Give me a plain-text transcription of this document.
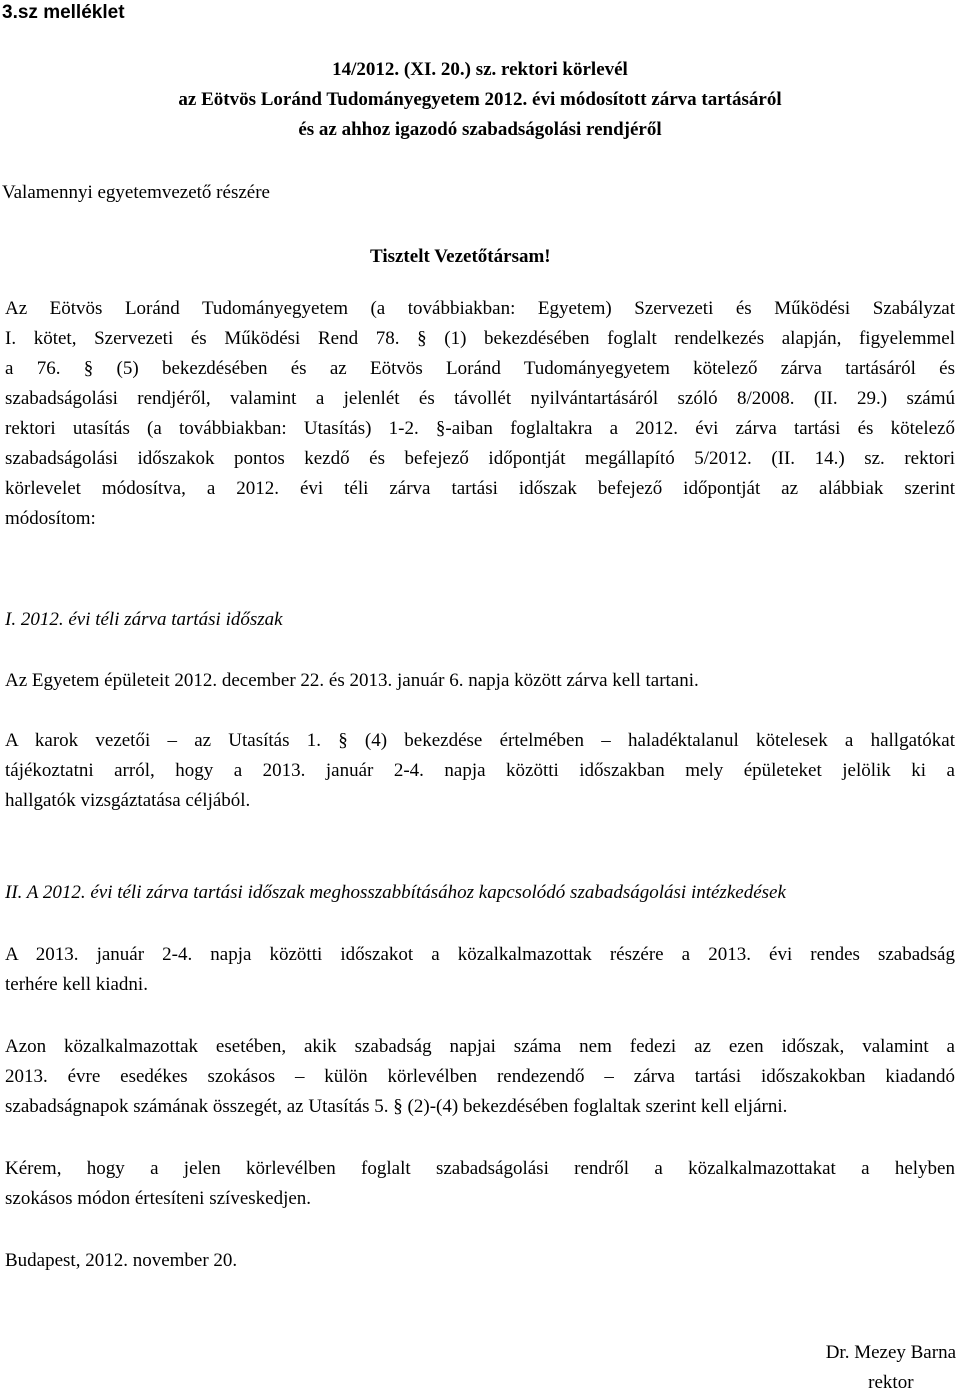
3.sz melléklet
14/2012. (XI. 20.) sz. rektori körlevél
az Eötvös Loránd Tudományegyetem 2012. évi módosított zárva tartásáról
és az ahhoz igazodó szabadságolási rendjéről
Valamennyi egyetemvezető részére
Tisztelt Vezetőtársam!
Az Eötvös Loránd Tudományegyetem (a továbbiakban: Egyetem) Szervezeti és Működési Szabályzat
I. kötet, Szervezeti és Működési Rend 78. § (1) bekezdésében foglalt rendelkezés alapján, figyelemmel
a 76. § (5) bekezdésében és az Eötvös Loránd Tudományegyetem kötelező zárva tartásáról és
szabadságolási rendjéről, valamint a jelenlét és távollét nyilvántartásáról szóló 8/2008. (II. 29.) számú
rektori utasítás (a továbbiakban: Utasítás) 1-2. §-aiban foglaltakra a 2012. évi zárva tartási és kötelező
szabadságolási időszakok pontos kezdő és befejező időpontját megállapító 5/2012. (II. 14.) sz. rektori
körlevelet módosítva, a 2012. évi téli zárva tartási időszak befejező időpontját az alábbiak szerint
módosítom:
I. 2012. évi téli zárva tartási időszak
Az Egyetem épületeit 2012. december 22. és 2013. január 6. napja között zárva kell tartani.
A karok vezetői – az Utasítás 1. § (4) bekezdése értelmében – haladéktalanul kötelesek a hallgatókat
tájékoztatni arról, hogy a 2013. január 2-4. napja közötti időszakban mely épületeket jelölik ki a
hallgatók vizsgáztatása céljából.
II. A 2012. évi téli zárva tartási időszak meghosszabbításához kapcsolódó szabadságolási intézkedések
A 2013. január 2-4. napja közötti időszakot a közalkalmazottak részére a 2013. évi rendes szabadság
terhére kell kiadni.
Azon közalkalmazottak esetében, akik szabadság napjai száma nem fedezi az ezen időszak, valamint a
2013. évre esedékes szokásos – külön körlevélben rendezendő – zárva tartási időszakokban kiadandó
szabadságnapok számának összegét, az Utasítás 5. § (2)-(4) bekezdésében foglaltak szerint kell eljárni.
Kérem, hogy a jelen körlevélben foglalt szabadságolási rendről a közalkalmazottakat a helyben
szokásos módon értesíteni szíveskedjen.
Budapest, 2012. november 20.
Dr. Mezey Barna
rektor
